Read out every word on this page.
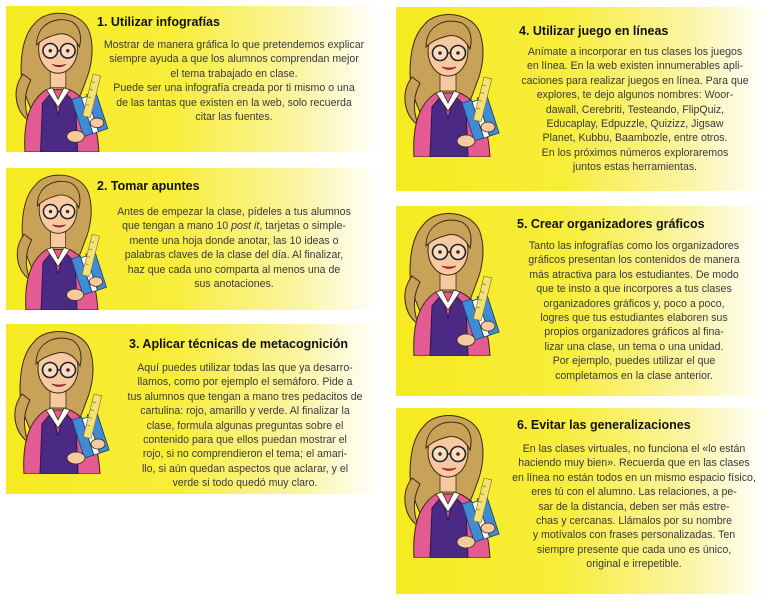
1. Utilizar infografías
Mostrar de manera gráfica lo que pretendemos explicar
siempre ayuda a que los alumnos comprendan mejor
el tema trabajado en clase.
Puede ser una infografía creada por ti mismo o una
de las tantas que existen en la web, solo recuerda
citar las fuentes.
2. Tomar apuntes
Antes de empezar la clase, pídeles a tus alumnos
que tengan a mano 10 post it, tarjetas o simple-
mente una hoja donde anotar, las 10 ideas o
palabras claves de la clase del día. Al finalizar,
haz que cada uno comparta al menos una de
sus anotaciones.
3. Aplicar técnicas de metacognición
Aquí puedes utilizar todas las que ya desarro-
llamos, como por ejemplo el semáforo. Pide a
tus alumnos que tengan a mano tres pedacitos de
cartulina: rojo, amarillo y verde. Al finalizar la
clase, formula algunas preguntas sobre el
contenido para que ellos puedan mostrar el
rojo, si no comprendieron el tema; el amari-
llo, si aún quedan aspectos que aclarar, y el
verde si todo quedó muy claro.
4. Utilizar juego en líneas
Anímate a incorporar en tus clases los juegos
en línea. En la web existen innumerables apli-
caciones para realizar juegos en línea. Para que
explores, te dejo algunos nombres: Woor-
dawall, Cerebriti, Testeando, FlipQuiz,
Educaplay, Edpuzzle, Quizizz, Jigsaw
Planet, Kubbu, Baambozle, entre otros.
En los próximos números exploraremos
juntos estas herramientas.
5. Crear organizadores gráficos
Tanto las infografías como los organizadores
gráficos presentan los contenidos de manera
más atractiva para los estudiantes. De modo
que te insto a que incorpores a tus clases
organizadores gráficos y, poco a poco,
logres que tus estudiantes elaboren sus
propios organizadores gráficos al fina-
lizar una clase, un tema o una unidad.
Por ejemplo, puedes utilizar el que
completamos en la clase anterior.
6. Evitar las generalizaciones
En las clases virtuales, no funciona el «lo están
haciendo muy bien». Recuerda que en las clases
en línea no están todos en un mismo espacio físico,
eres tú con el alumno. Las relaciones, a pe-
sar de la distancia, deben ser más estre-
chas y cercanas. Llámalos por su nombre
y motívalos con frases personalizadas. Ten
siempre presente que cada uno es único,
original e irrepetible.
